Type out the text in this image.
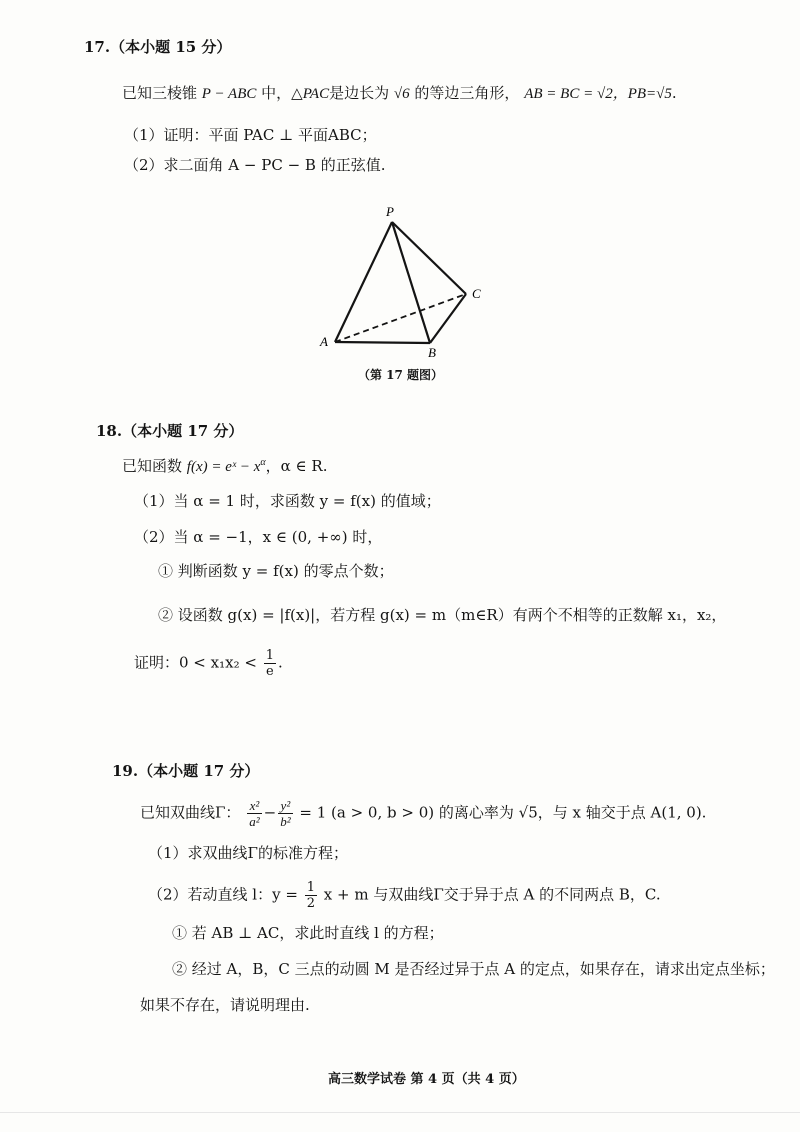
17.（本小题 15 分）
已知三棱锥 P − ABC 中，△PAC是边长为 √6 的等边三角形， AB = BC = √2，PB=√5.
（1）证明：平面 PAC ⊥ 平面ABC；
（2）求二面角 A − PC − B 的正弦值.
P
A
B
C
（第 17 题图）
18.（本小题 17 分）
已知函数 f(x) = eˣ − $x^\alpha$，α ∈ R.
（1）当 α = 1 时，求函数 y = f(x) 的值域；
（2）当 α = −1，x ∈ (0, +∞) 时，
① 判断函数 y = f(x) 的零点个数；
② 设函数 g(x) = |f(x)|，若方程 g(x) = m（m∈R）有两个不相等的正数解 x₁，x₂，
证明：$0 < x_1x_2 < \frac{1}{e}$ .
19.（本小题 17 分）
已知双曲线Γ： $\frac{\text{x²}}{\text{a²}} - \frac{\text{y²}}{\text{b²}} = 1$ (a > 0, b > 0) 的离心率为 √5，与 x 轴交于点 A(1, 0).
（1）求双曲线Γ的标准方程；
（2）若动直线 l：$y = \frac{1}{2}$ x + m 与双曲线Γ交于异于点 A 的不同两点 B，C.
① 若 AB ⊥ AC，求此时直线 l 的方程；
② 经过 A，B，C 三点的动圆 M 是否经过异于点 A 的定点，如果存在，请求出定点坐标；
如果不存在，请说明理由.
高三数学试卷 第 4 页（共 4 页）
